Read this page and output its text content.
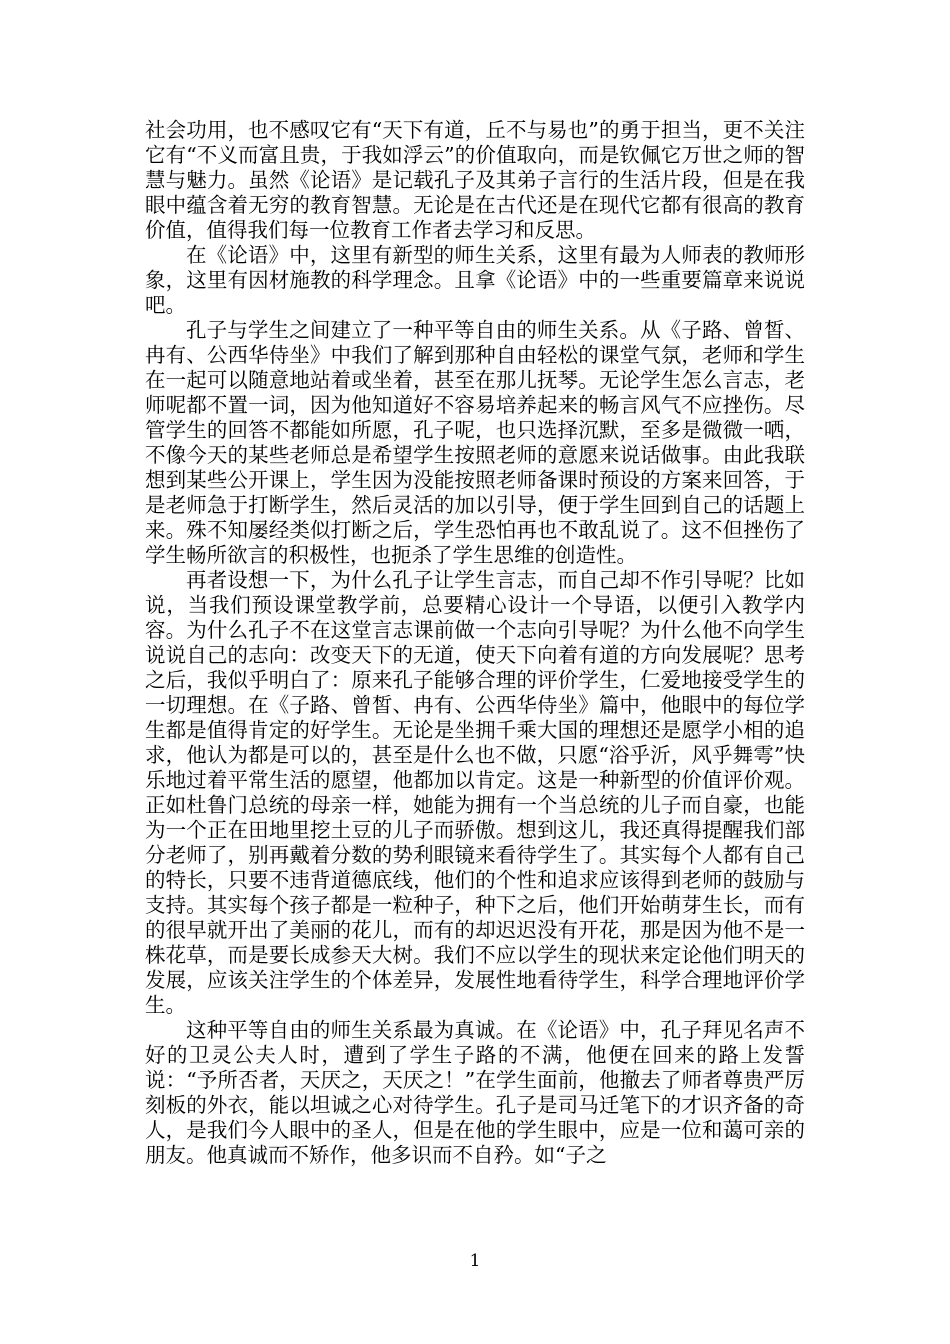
社会功用，也不感叹它有“天下有道，丘不与易也”的勇于担当，更不关注它有“不义而富且贵，于我如浮云”的价值取向，而是钦佩它万世之师的智慧与魅力。虽然《论语》是记载孔子及其弟子言行的生活片段，但是在我眼中蕴含着无穷的教育智慧。无论是在古代还是在现代它都有很高的教育价值，值得我们每一位教育工作者去学习和反思。

在《论语》中，这里有新型的师生关系，这里有最为人师表的教师形象，这里有因材施教的科学理念。且拿《论语》中的一些重要篇章来说说吧。

孔子与学生之间建立了一种平等自由的师生关系。从《子路、曾皙、冉有、公西华侍坐》中我们了解到那种自由轻松的课堂气氛，老师和学生在一起可以随意地站着或坐着，甚至在那儿抚琴。无论学生怎么言志，老师呢都不置一词，因为他知道好不容易培养起来的畅言风气不应挫伤。尽管学生的回答不都能如所愿，孔子呢，也只选择沉默，至多是微微一哂，不像今天的某些老师总是希望学生按照老师的意愿来说话做事。由此我联想到某些公开课上，学生因为没能按照老师备课时预设的方案来回答，于是老师急于打断学生，然后灵活的加以引导，便于学生回到自己的话题上来。殊不知屡经类似打断之后，学生恐怕再也不敢乱说了。这不但挫伤了学生畅所欲言的积极性，也扼杀了学生思维的创造性。

再者设想一下，为什么孔子让学生言志，而自己却不作引导呢？比如说，当我们预设课堂教学前，总要精心设计一个导语，以便引入教学内容。为什么孔子不在这堂言志课前做一个志向引导呢？为什么他不向学生说说自己的志向：改变天下的无道，使天下向着有道的方向发展呢？思考之后，我似乎明白了：原来孔子能够合理的评价学生，仁爱地接受学生的一切理想。在《子路、曾皙、冉有、公西华侍坐》篇中，他眼中的每位学生都是值得肯定的好学生。无论是坐拥千乘大国的理想还是愿学小相的追求，他认为都是可以的，甚至是什么也不做，只愿“浴乎沂，风乎舞雩”快乐地过着平常生活的愿望，他都加以肯定。这是一种新型的价值评价观。正如杜鲁门总统的母亲一样，她能为拥有一个当总统的儿子而自豪，也能为一个正在田地里挖土豆的儿子而骄傲。想到这儿，我还真得提醒我们部分老师了，别再戴着分数的势利眼镜来看待学生了。其实每个人都有自己的特长，只要不违背道德底线，他们的个性和追求应该得到老师的鼓励与支持。其实每个孩子都是一粒种子，种下之后，他们开始萌芽生长，而有的很早就开出了美丽的花儿，而有的却迟迟没有开花，那是因为他不是一株花草，而是要长成参天大树。我们不应以学生的现状来定论他们明天的发展，应该关注学生的个体差异，发展性地看待学生，科学合理地评价学生。

这种平等自由的师生关系最为真诚。在《论语》中，孔子拜见名声不好的卫灵公夫人时，遭到了学生子路的不满，他便在回来的路上发誓说：“予所否者，天厌之，天厌之！”在学生面前，他撤去了师者尊贵严厉刻板的外衣，能以坦诚之心对待学生。孔子是司马迁笔下的才识齐备的奇人，是我们今人眼中的圣人，但是在他的学生眼中，应是一位和蔼可亲的朋友。他真诚而不矫作，他多识而不自矜。如“子之

1
